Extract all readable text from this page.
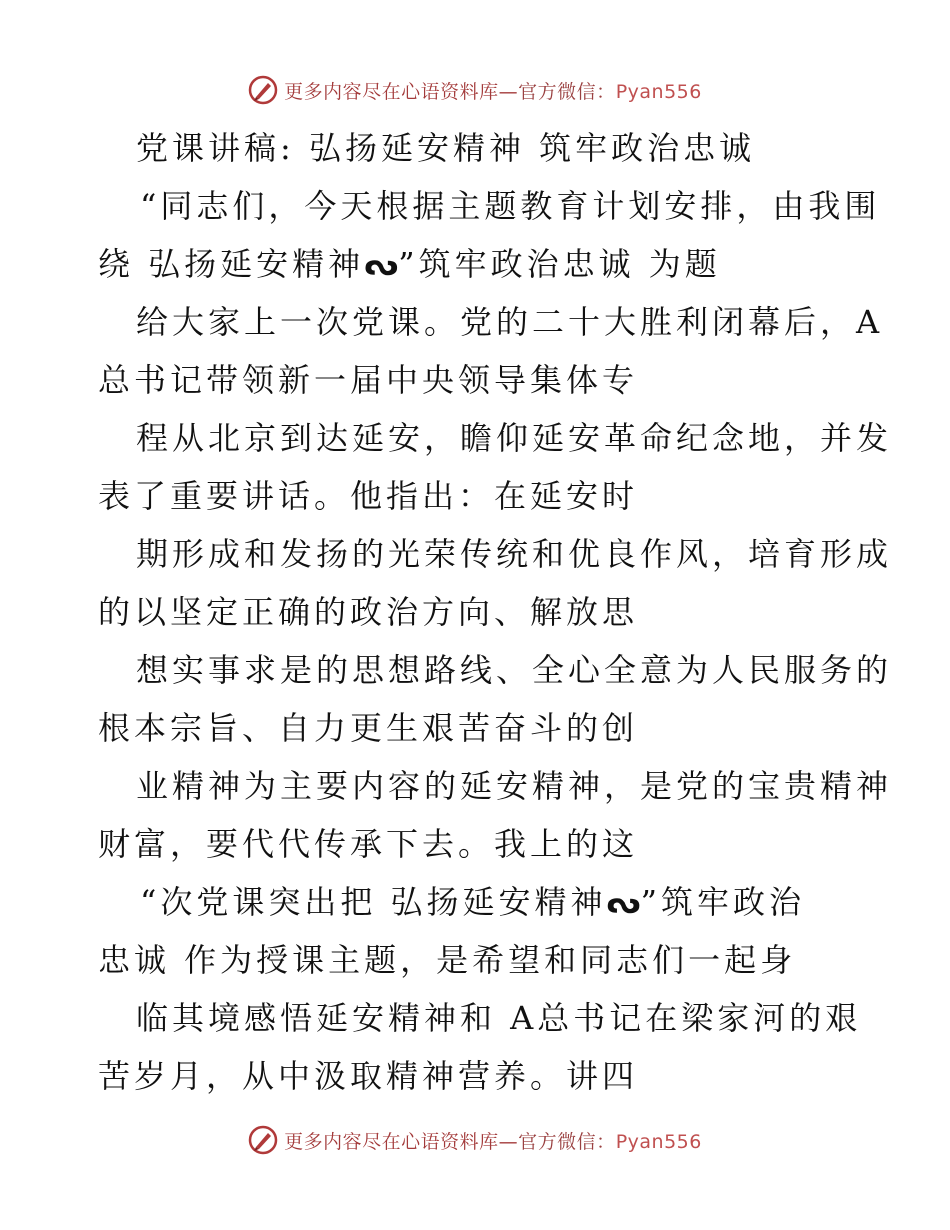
更多内容尽在心语资料库—官方微信：Pyan556
党课讲稿: 弘扬延安精神 筑牢政治忠诚
“同志们，今天根据主题教育计划安排，由我围
绕 弘扬延安精神ᔓ”筑牢政治忠诚 为题
给大家上一次党课。党的二十大胜利闭幕后，A
总书记带领新一届中央领导集体专
程从北京到达延安，瞻仰延安革命纪念地，并发
表了重要讲话。他指出：在延安时
期形成和发扬的光荣传统和优良作风，培育形成
的以坚定正确的政治方向、解放思
想实事求是的思想路线、全心全意为人民服务的
根本宗旨、自力更生艰苦奋斗的创
业精神为主要内容的延安精神，是党的宝贵精神
财富，要代代传承下去。我上的这
“次党课突出把 弘扬延安精神ᔓ”筑牢政治
忠诚 作为授课主题，是希望和同志们一起身
临其境感悟延安精神和 A总书记在梁家河的艰
苦岁月，从中汲取精神营养。讲四
更多内容尽在心语资料库—官方微信：Pyan556
